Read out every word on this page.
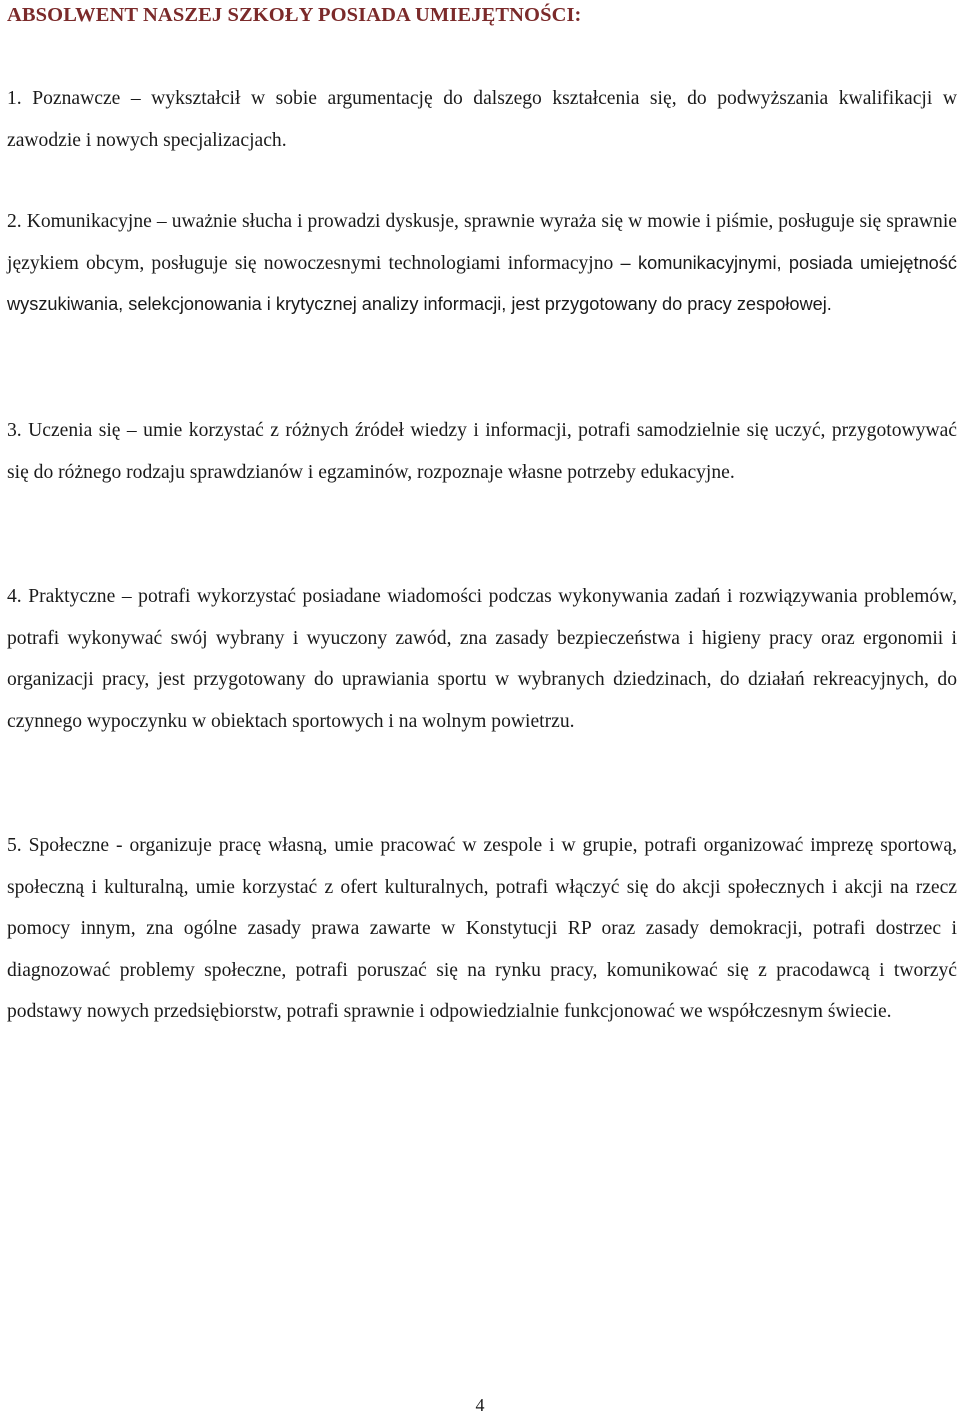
ABSOLWENT NASZEJ SZKOŁY POSIADA UMIEJĘTNOŚCI:

1. Poznawcze – wykształcił w sobie argumentację do dalszego kształcenia się, do podwyższania kwalifikacji w zawodzie i nowych specjalizacjach.

2. Komunikacyjne – uważnie słucha i prowadzi dyskusje, sprawnie wyraża się w mowie i piśmie, posługuje się sprawnie językiem obcym, posługuje się nowoczesnymi technologiami informacyjno – komunikacyjnymi, posiada umiejętność wyszukiwania, selekcjonowania i krytycznej analizy informacji, jest przygotowany do pracy zespołowej.

3. Uczenia się – umie korzystać z różnych źródeł wiedzy i informacji, potrafi samodzielnie się uczyć, przygotowywać się do różnego rodzaju sprawdzianów i egzaminów, rozpoznaje własne potrzeby edukacyjne.

4. Praktyczne – potrafi wykorzystać posiadane wiadomości podczas wykonywania zadań i rozwiązywania problemów, potrafi wykonywać swój wybrany i wyuczony zawód, zna zasady bezpieczeństwa i higieny pracy oraz ergonomii i organizacji pracy, jest przygotowany do uprawiania sportu w wybranych dziedzinach, do działań rekreacyjnych, do czynnego wypoczynku w obiektach sportowych i na wolnym powietrzu.

5. Społeczne - organizuje pracę własną, umie pracować w zespole i w grupie, potrafi organizować imprezę sportową, społeczną i kulturalną, umie korzystać z ofert kulturalnych, potrafi włączyć się do akcji społecznych i akcji na rzecz pomocy innym, zna ogólne zasady prawa zawarte w Konstytucji RP oraz zasady demokracji, potrafi dostrzec i diagnozować problemy społeczne, potrafi poruszać się na rynku pracy, komunikować się z pracodawcą i tworzyć podstawy nowych przedsiębiorstw, potrafi sprawnie i odpowiedzialnie funkcjonować we współczesnym świecie.

4
